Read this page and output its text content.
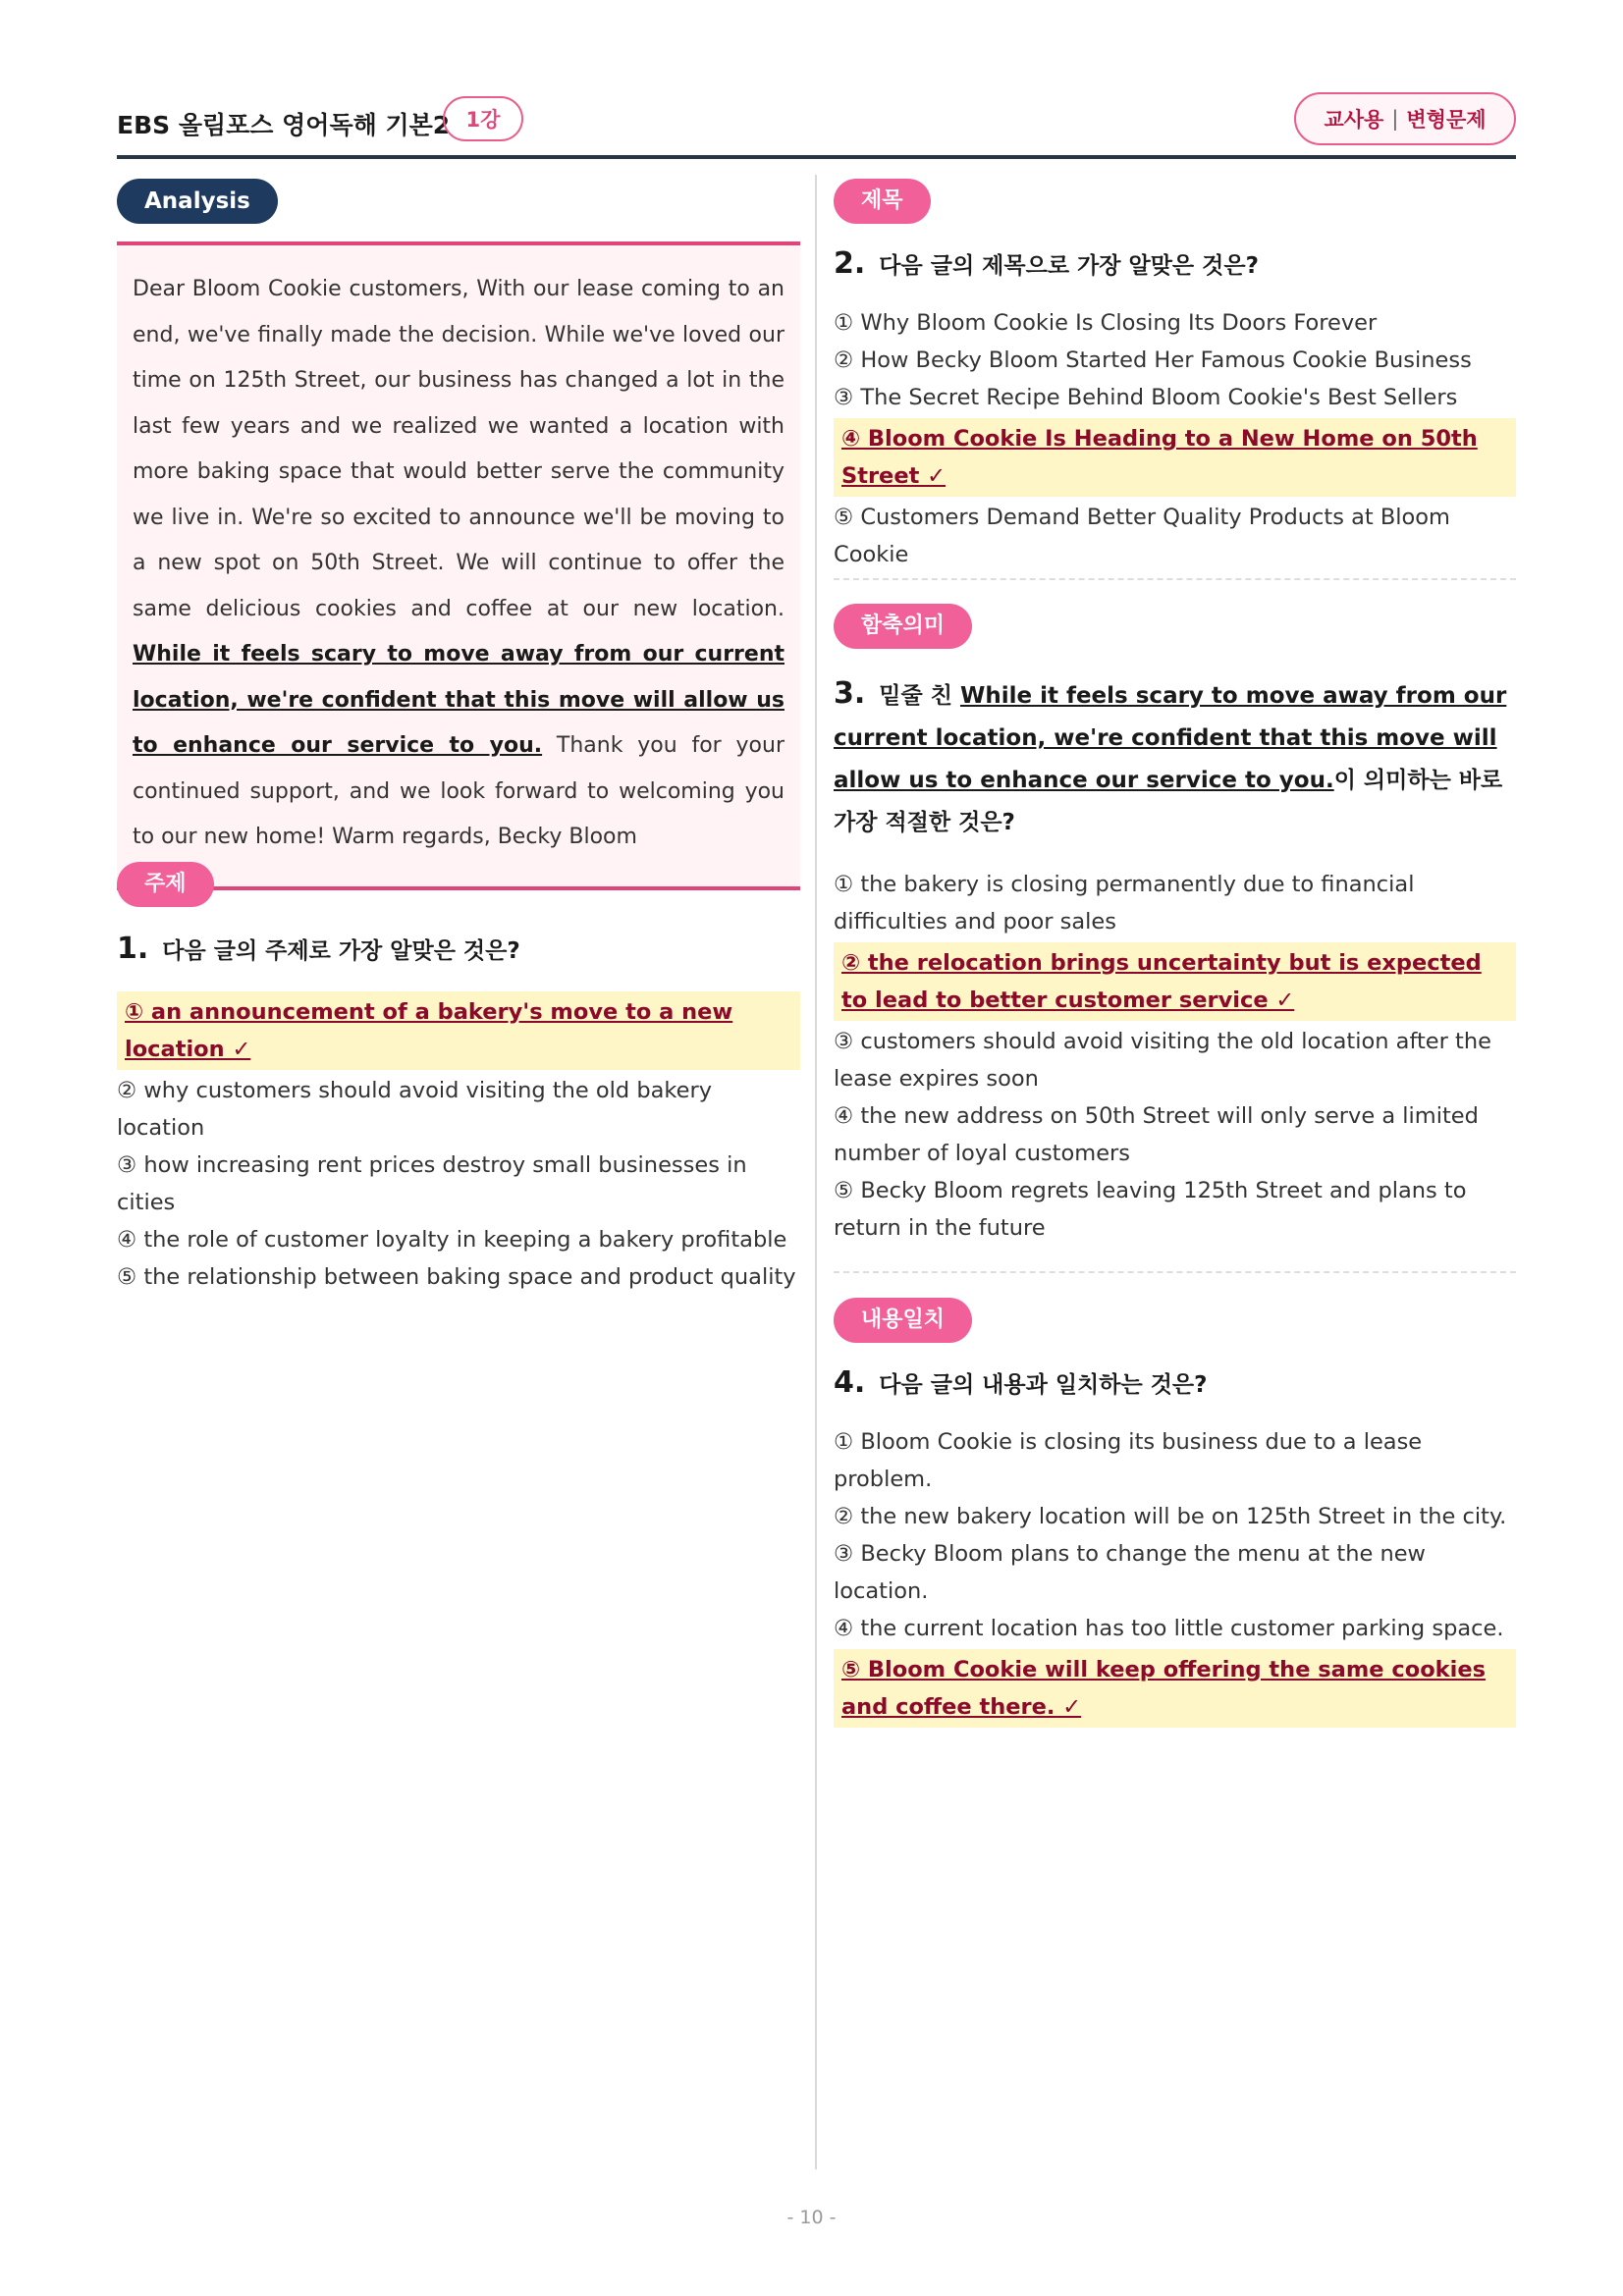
EBS 올림포스 영어독해 기본2 1강	교사용 | 변형문제
Analysis
Dear Bloom Cookie customers, With our lease coming to an end, we've finally made the decision. While we've loved our time on 125th Street, our business has changed a lot in the last few years and we realized we wanted a location with more baking space that would better serve the community we live in. We're so excited to announce we'll be moving to a new spot on 50th Street. We will continue to offer the same delicious cookies and coffee at our new location. While it feels scary to move away from our current location, we're confident that this move will allow us to enhance our service to you. Thank you for your continued support, and we look forward to welcoming you to our new home! Warm regards, Becky Bloom
주제
1. 다음 글의 주제로 가장 알맞은 것은?
① an announcement of a bakery's move to a new location ✓
② why customers should avoid visiting the old bakery location
③ how increasing rent prices destroy small businesses in cities
④ the role of customer loyalty in keeping a bakery profitable
⑤ the relationship between baking space and product quality
제목
2. 다음 글의 제목으로 가장 알맞은 것은?
① Why Bloom Cookie Is Closing Its Doors Forever
② How Becky Bloom Started Her Famous Cookie Business
③ The Secret Recipe Behind Bloom Cookie's Best Sellers
④ Bloom Cookie Is Heading to a New Home on 50th Street ✓
⑤ Customers Demand Better Quality Products at Bloom Cookie
함축의미
3. 밑줄 친 While it feels scary to move away from our current location, we're confident that this move will allow us to enhance our service to you.이 의미하는 바로 가장 적절한 것은?
① the bakery is closing permanently due to financial difficulties and poor sales
② the relocation brings uncertainty but is expected to lead to better customer service ✓
③ customers should avoid visiting the old location after the lease expires soon
④ the new address on 50th Street will only serve a limited number of loyal customers
⑤ Becky Bloom regrets leaving 125th Street and plans to return in the future
내용일치
4. 다음 글의 내용과 일치하는 것은?
① Bloom Cookie is closing its business due to a lease problem.
② the new bakery location will be on 125th Street in the city.
③ Becky Bloom plans to change the menu at the new location.
④ the current location has too little customer parking space.
⑤ Bloom Cookie will keep offering the same cookies and coffee there. ✓
- 10 -
